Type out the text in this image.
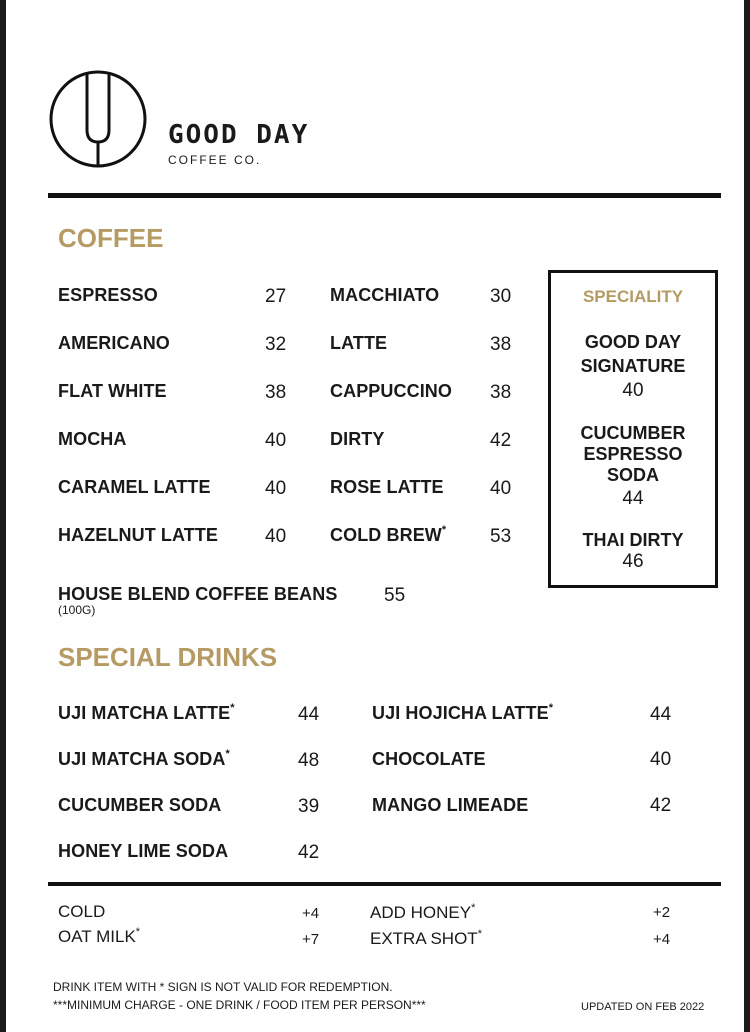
GOOD DAY
COFFEE CO.
COFFEE
ESPRESSO	27
AMERICANO	32
FLAT WHITE	38
MOCHA	40
CARAMEL LATTE	40
HAZELNUT LATTE 40
MACCHIATO	30
LATTE	38
CAPPUCCINO 38
DIRTY	42
ROSE LATTE 40
COLD BREW* 53
HOUSE BLEND COFFEE BEANS
(100G)
55
SPECIALITY
GOOD DAY
SIGNATURE
40
CUCUMBER
ESPRESSO
SODA
44
THAI DIRTY
46
SPECIAL DRINKS
UJI MATCHA LATTE*	44
UJI MATCHA SODA*	48
CUCUMBER SODA	39
HONEY LIME SODA	42
UJI HOJICHA LATTE*	44
CHOCOLATE	40
MANGO LIMEADE	42
COLD	+4
OAT MILK*	+7
ADD HONEY*	+2
EXTRA SHOT*	+4
DRINK ITEM WITH * SIGN IS NOT VALID FOR REDEMPTION.
***MINIMUM CHARGE - ONE DRINK / FOOD ITEM PER PERSON***	UPDATED ON FEB 2022
